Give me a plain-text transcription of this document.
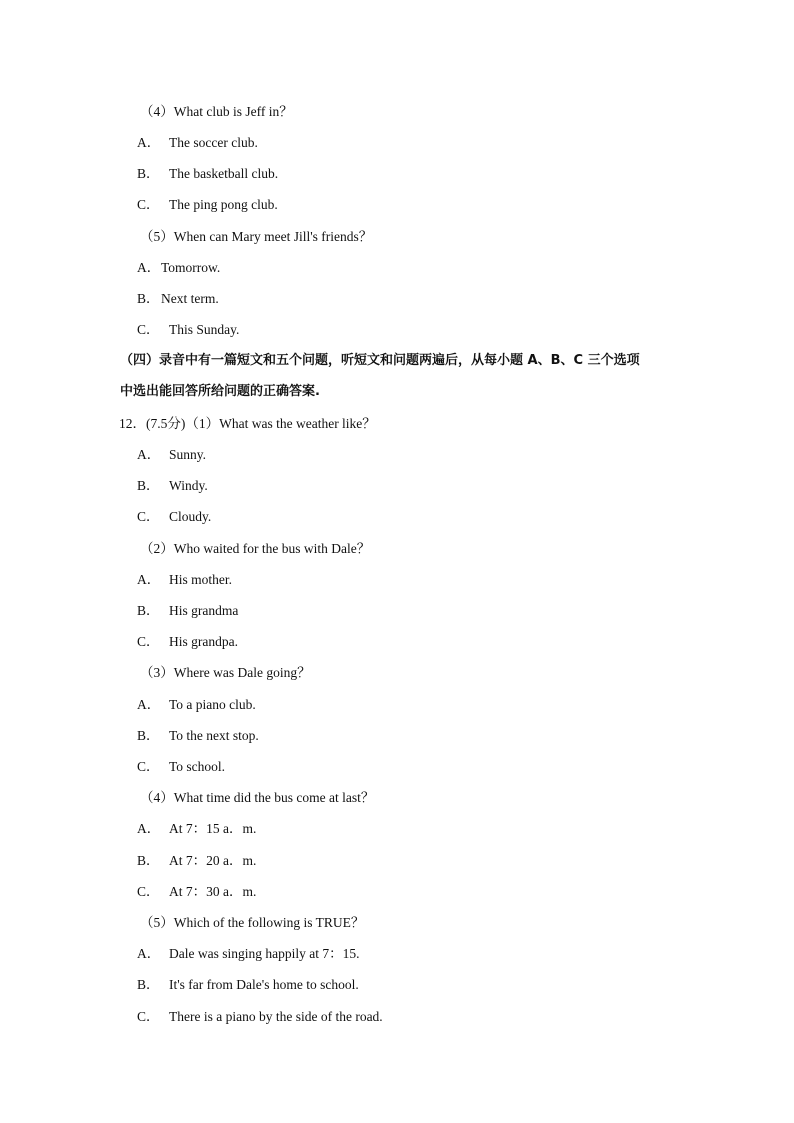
（4）What club is Jeff in？
A． The soccer club.
B． The basketball club.
C． The ping pong club.
（5）When can Mary meet Jill's friends？
A．Tomorrow.
B．Next term.
C． This Sunday.
（四）录音中有一篇短文和五个问题，听短文和问题两遍后，从每小题 A、B、C 三个选项
中选出能回答所给问题的正确答案.
12．(7.5分)（1）What was the weather like？
A． Sunny.
B． Windy.
C． Cloudy.
（2）Who waited for the bus with Dale？
A． His mother.
B． His grandma
C． His grandpa.
（3）Where was Dale going？
A． To a piano club.
B． To the next stop.
C． To school.
（4）What time did the bus come at last？
A． At 7：15 a．m.
B． At 7：20 a．m.
C． At 7：30 a．m.
（5）Which of the following is TRUE？
A． Dale was singing happily at 7：15.
B． It's far from Dale's home to school.
C． There is a piano by the side of the road.
